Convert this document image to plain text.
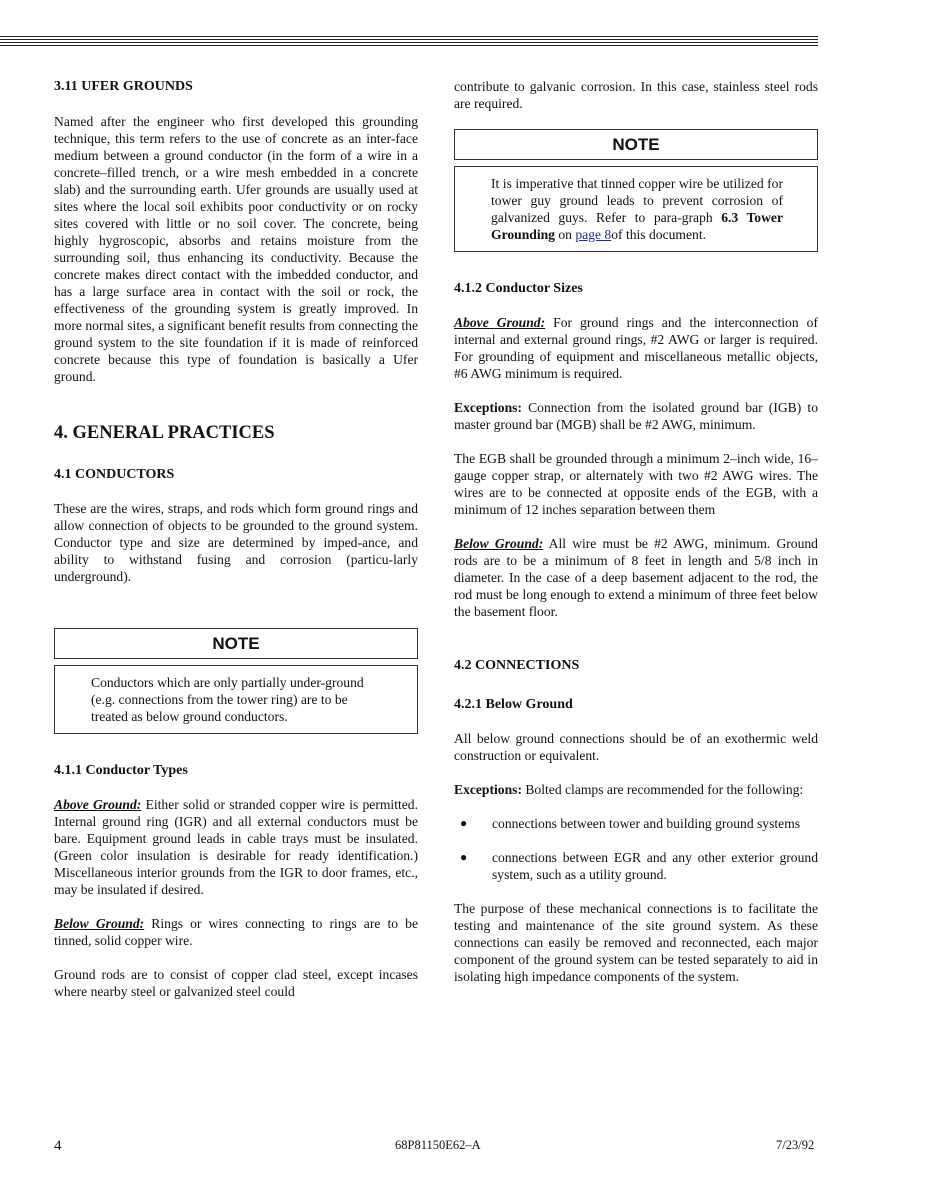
3.11 UFER GROUNDS
Named after the engineer who first developed this grounding technique, this term refers to the use of concrete as an inter-face medium between a ground conductor (in the form of a wire in a concrete–filled trench, or a wire mesh embedded in a concrete slab) and the surrounding earth. Ufer grounds are usually used at sites where the local soil exhibits poor conductivity or on rocky sites covered with little or no soil cover. The concrete, being highly hygroscopic, absorbs and retains moisture from the surrounding soil, thus enhancing its conductivity. Because the concrete makes direct contact with the imbedded conductor, and has a large surface area in contact with the soil or rock, the effectiveness of the grounding system is greatly improved. In more normal sites, a significant benefit results from connecting the ground system to the site foundation if it is made of reinforced concrete because this type of foundation is basically a Ufer ground.
4. GENERAL PRACTICES
4.1 CONDUCTORS
These are the wires, straps, and rods which form ground rings and allow connection of objects to be grounded to the ground system. Conductor type and size are determined by imped-ance, and ability to withstand fusing and corrosion (particu-larly underground).
NOTE
Conductors which are only partially under-ground (e.g. connections from the tower ring) are to be treated as below ground conductors.
4.1.1 Conductor Types
Above Ground: Either solid or stranded copper wire is permitted. Internal ground ring (IGR) and all external conductors must be bare. Equipment ground leads in cable trays must be insulated. (Green color insulation is desirable for ready identification.) Miscellaneous interior grounds from the IGR to door frames, etc., may be insulated if desired.
Below Ground: Rings or wires connecting to rings are to be tinned, solid copper wire.
Ground rods are to consist of copper clad steel, except incases where nearby steel or galvanized steel could
contribute to galvanic corrosion. In this case, stainless steel rods are required.
NOTE
It is imperative that tinned copper wire be utilized for tower guy ground leads to prevent corrosion of galvanized guys. Refer to para-graph 6.3 Tower Grounding on page 8of this document.
4.1.2 Conductor Sizes
Above Ground: For ground rings and the interconnection of internal and external ground rings, #2 AWG or larger is required. For grounding of equipment and miscellaneous metallic objects, #6 AWG minimum is required.
Exceptions: Connection from the isolated ground bar (IGB) to master ground bar (MGB) shall be #2 AWG, minimum.
The EGB shall be grounded through a minimum 2–inch wide, 16–gauge copper strap, or alternately with two #2 AWG wires. The wires are to be connected at opposite ends of the EGB, with a minimum of 12 inches separation between them
Below Ground: All wire must be #2 AWG, minimum. Ground rods are to be a minimum of 8 feet in length and 5/8 inch in diameter. In the case of a deep basement adjacent to the rod, the rod must be long enough to extend a minimum of three feet below the basement floor.
4.2 CONNECTIONS
4.2.1 Below Ground
All below ground connections should be of an exothermic weld construction or equivalent.
Exceptions: Bolted clamps are recommended for the following:
● connections between tower and building ground systems
● connections between EGR and any other exterior ground system, such as a utility ground.
The purpose of these mechanical connections is to facilitate the testing and maintenance of the site ground system. As these connections can easily be removed and reconnected, each major component of the ground system can be tested separately to aid in isolating high impedance components of the system.
4	68P81150E62–A	7/23/92
